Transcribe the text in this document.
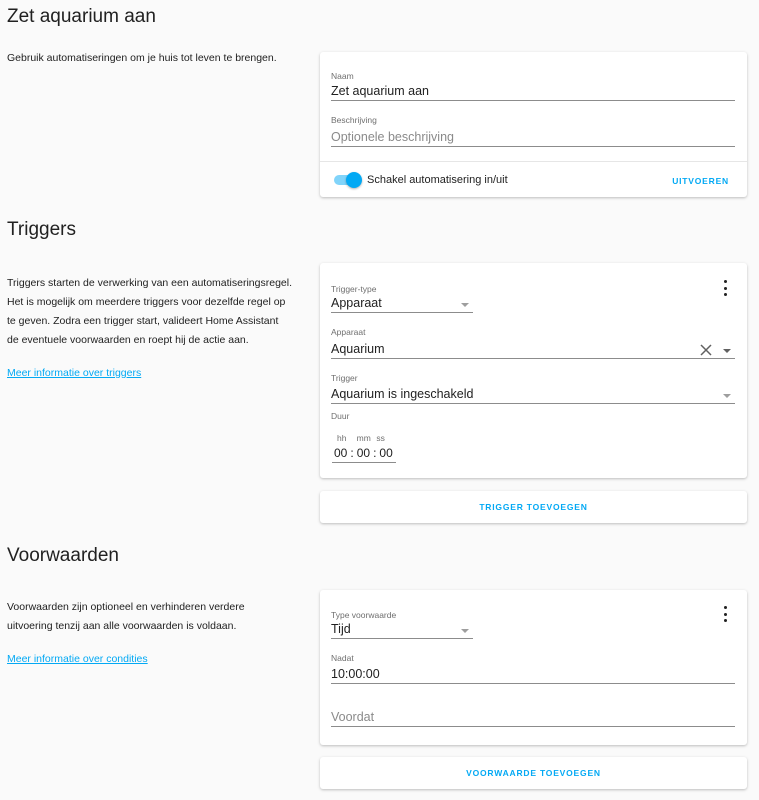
Zet aquarium aan
Gebruik automatiseringen om je huis tot leven te brengen.
Naam
Zet aquarium aan
Beschrijving
Optionele beschrijving
Schakel automatisering in/uit	UITVOEREN
Triggers
Triggers starten de verwerking van een automatiseringsregel. Het is mogelijk om meerdere triggers voor dezelfde regel op te geven. Zodra een trigger start, valideert Home Assistant de eventuele voorwaarden en roept hij de actie aan.
Meer informatie over triggers
Trigger-type
Apparaat
Apparaat
Aquarium
Trigger
Aquarium is ingeschakeld
Duur
hh	mm ss
00 : 00 : 00
TRIGGER TOEVOEGEN
Voorwaarden
Voorwaarden zijn optioneel en verhinderen verdere uitvoering tenzij aan alle voorwaarden is voldaan.
Meer informatie over condities
Type voorwaarde
Tijd
Nadat
10:00:00
Voordat
VOORWAARDE TOEVOEGEN
